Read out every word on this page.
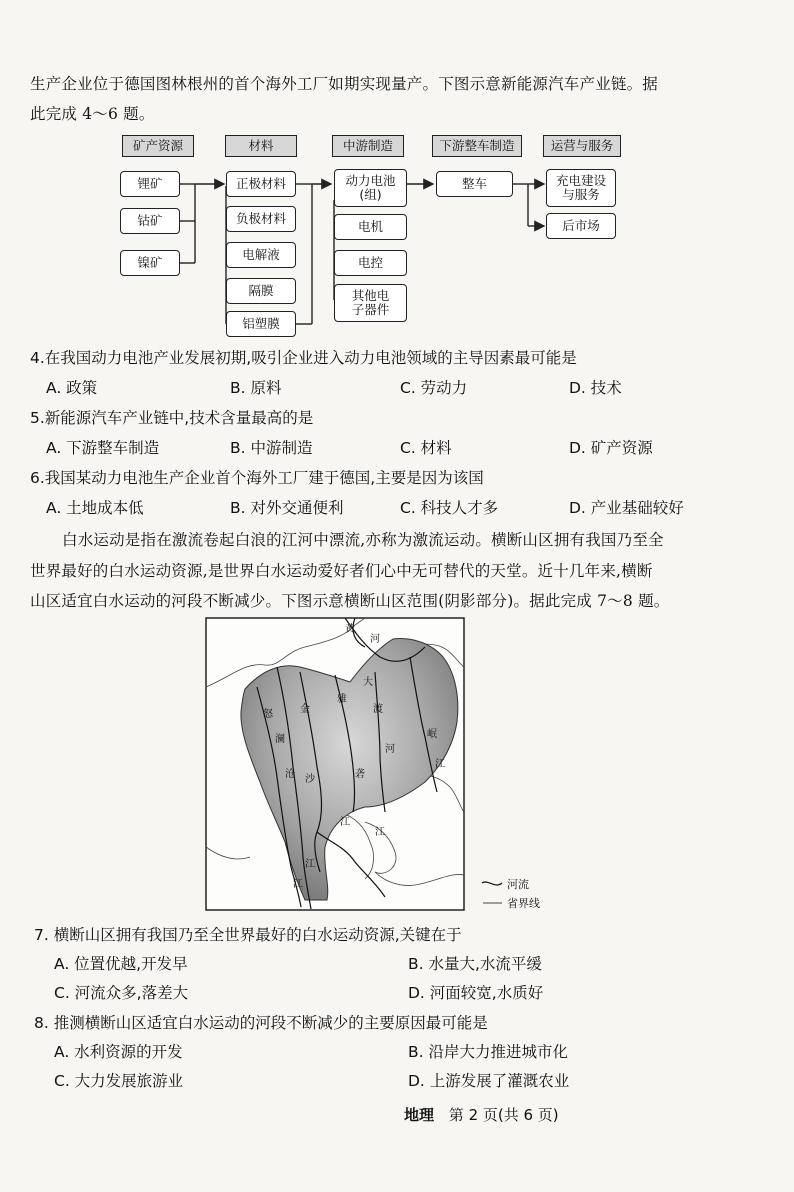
生产企业位于德国图林根州的首个海外工厂如期实现量产。下图示意新能源汽车产业链。据
此完成 4～6 题。
矿产资源	材料	中游制造	下游整车制造	运营与服务
锂矿
钴矿
镍矿
正极材料
负极材料
电解液
隔膜
铝塑膜
动力电池
(组)
电机
电控
其他电
子器件
整车	充电建设
与服务
后市场
4.在我国动力电池产业发展初期,吸引企业进入动力电池领域的主导因素最可能是
A. 政策	B. 原料	C. 劳动力	D. 技术
5.新能源汽车产业链中,技术含量最高的是
A. 下游整车制造	B. 中游制造	C. 材料	D. 矿产资源
6.我国某动力电池生产企业首个海外工厂建于德国,主要是因为该国
A. 土地成本低	B. 对外交通便利	C. 科技人才多	D. 产业基础较好
白水运动是指在激流卷起白浪的江河中漂流,亦称为激流运动。横断山区拥有我国乃至全
世界最好的白水运动资源,是世界白水运动爱好者们心中无可替代的天堂。近十几年来,横断
山区适宜白水运动的河段不断减少。下图示意横断山区范围(阴影部分)。据此完成 7～8 题。
黄
河
大
渡
河
岷
江
怒
澜
沧
金
沙
雅
砻
江
江
江
江
河流
省界线
7. 横断山区拥有我国乃至全世界最好的白水运动资源,关键在于
A. 位置优越,开发早	B. 水量大,水流平缓
C. 河流众多,落差大	D. 河面较宽,水质好
8. 推测横断山区适宜白水运动的河段不断减少的主要原因最可能是
A. 水利资源的开发	B. 沿岸大力推进城市化
C. 大力发展旅游业	D. 上游发展了灌溉农业
地理 第 2 页(共 6 页)
